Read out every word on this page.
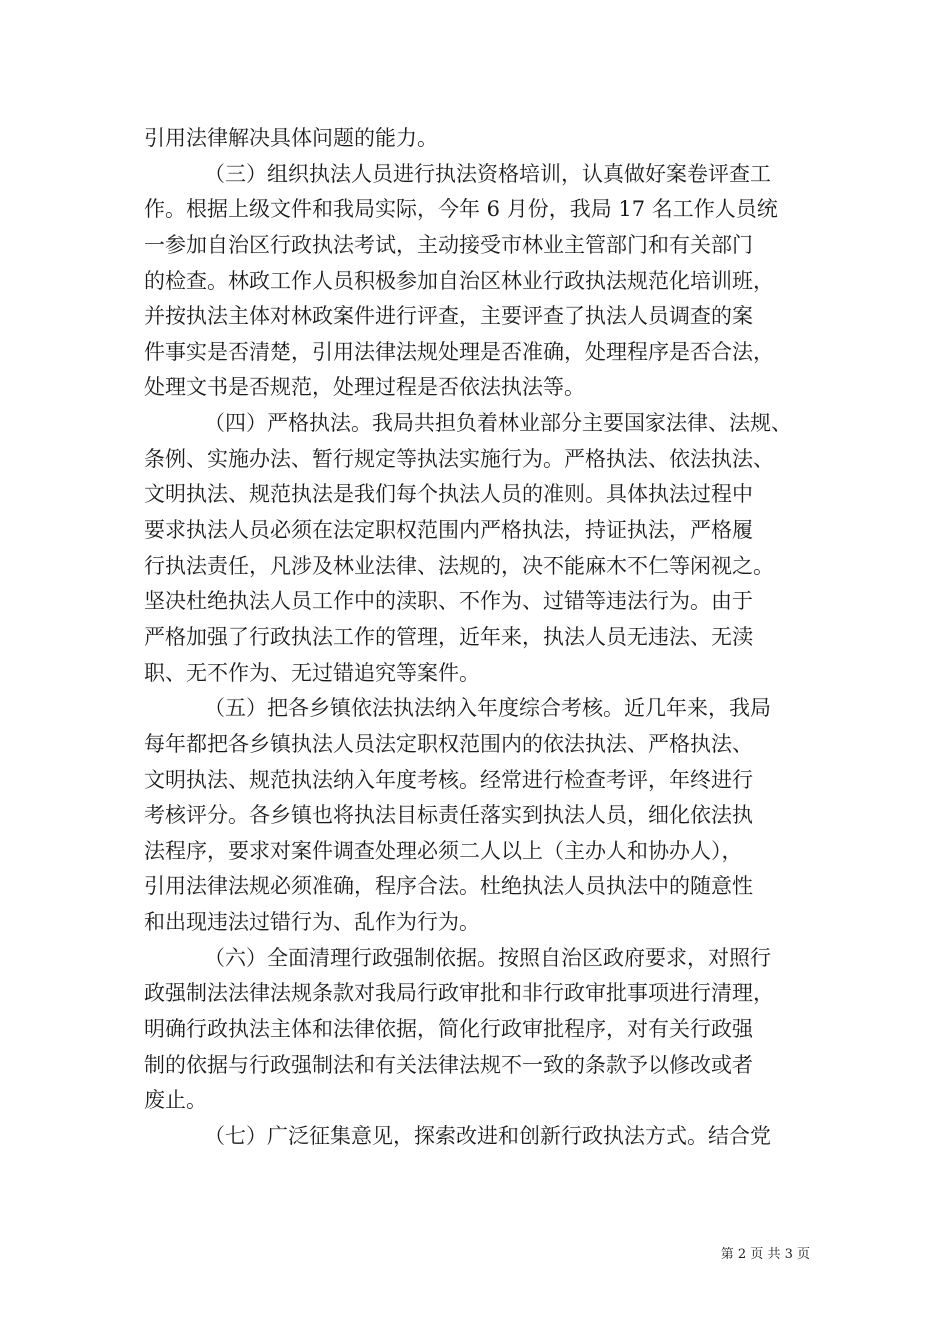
引用法律解决具体问题的能力。
（三）组织执法人员进行执法资格培训，认真做好案卷评查工
作。根据上级文件和我局实际，今年 6 月份，我局 17 名工作人员统
一参加自治区行政执法考试，主动接受市林业主管部门和有关部门
的检查。林政工作人员积极参加自治区林业行政执法规范化培训班，
并按执法主体对林政案件进行评查，主要评查了执法人员调查的案
件事实是否清楚，引用法律法规处理是否准确，处理程序是否合法，
处理文书是否规范，处理过程是否依法执法等。
（四）严格执法。我局共担负着林业部分主要国家法律、法规、
条例、实施办法、暂行规定等执法实施行为。严格执法、依法执法、
文明执法、规范执法是我们每个执法人员的准则。具体执法过程中
要求执法人员必须在法定职权范围内严格执法，持证执法，严格履
行执法责任，凡涉及林业法律、法规的，决不能麻木不仁等闲视之。
坚决杜绝执法人员工作中的渎职、不作为、过错等违法行为。由于
严格加强了行政执法工作的管理，近年来，执法人员无违法、无渎
职、无不作为、无过错追究等案件。
（五）把各乡镇依法执法纳入年度综合考核。近几年来，我局
每年都把各乡镇执法人员法定职权范围内的依法执法、严格执法、
文明执法、规范执法纳入年度考核。经常进行检查考评，年终进行
考核评分。各乡镇也将执法目标责任落实到执法人员，细化依法执
法程序，要求对案件调查处理必须二人以上（主办人和协办人），
引用法律法规必须准确，程序合法。杜绝执法人员执法中的随意性
和出现违法过错行为、乱作为行为。
（六）全面清理行政强制依据。按照自治区政府要求，对照行
政强制法法律法规条款对我局行政审批和非行政审批事项进行清理，
明确行政执法主体和法律依据，简化行政审批程序，对有关行政强
制的依据与行政强制法和有关法律法规不一致的条款予以修改或者
废止。
（七）广泛征集意见，探索改进和创新行政执法方式。结合党
第 2 页 共 3 页
